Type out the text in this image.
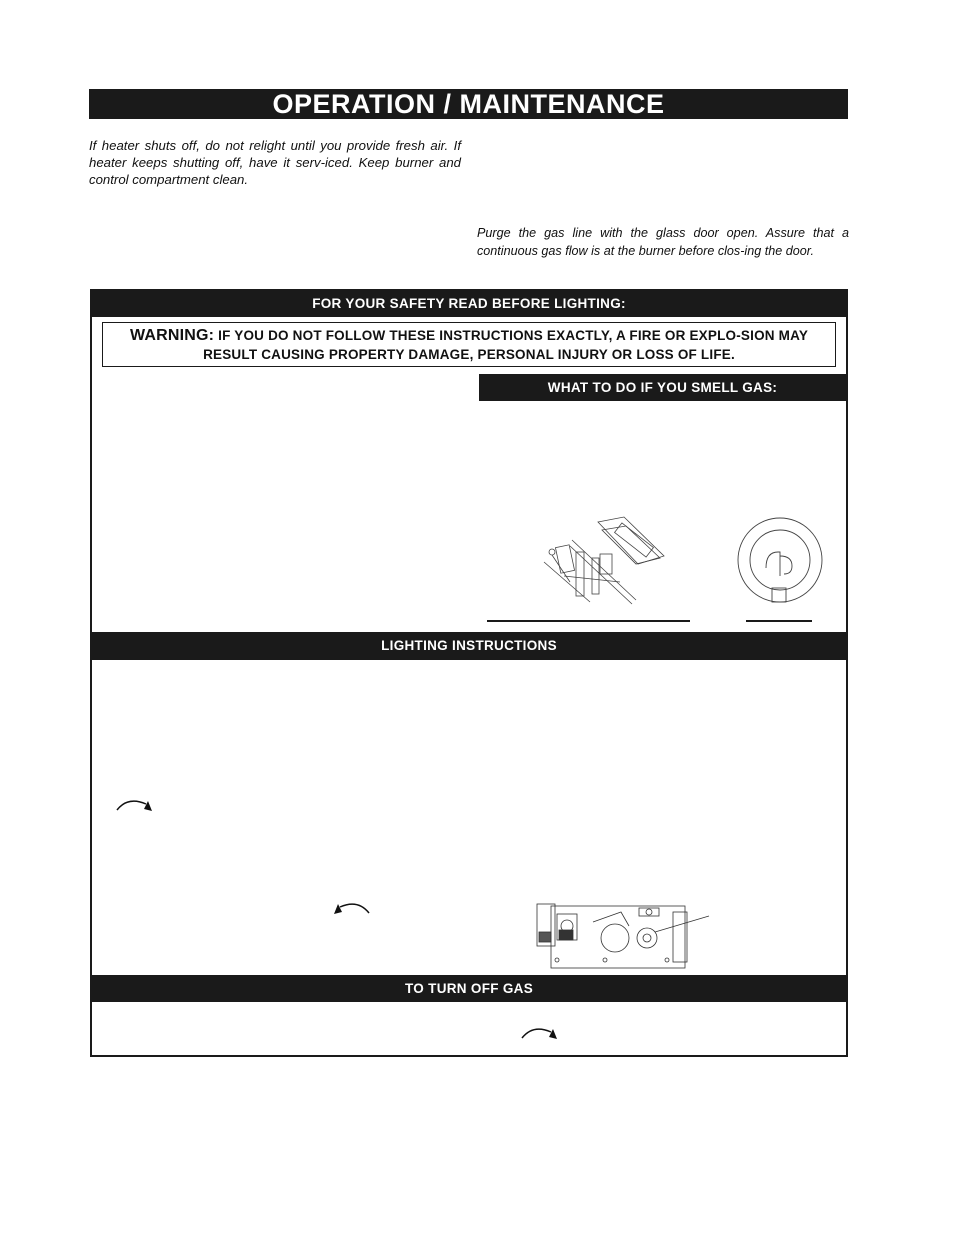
OPERATION / MAINTENANCE
If heater shuts off, do not relight until you provide fresh air. If heater keeps shutting off, have it serv-iced. Keep burner and control compartment clean.
Purge the gas line with the glass door open. Assure that a continuous gas flow is at the burner before clos-ing the door.
FOR YOUR SAFETY READ BEFORE LIGHTING:
WARNING: IF YOU DO NOT FOLLOW THESE INSTRUCTIONS EXACTLY, A FIRE OR EXPLO-SION MAY RESULT CAUSING PROPERTY DAMAGE, PERSONAL INJURY OR LOSS OF LIFE.
WHAT TO DO IF YOU SMELL GAS:
LIGHTING INSTRUCTIONS
TO TURN OFF GAS
